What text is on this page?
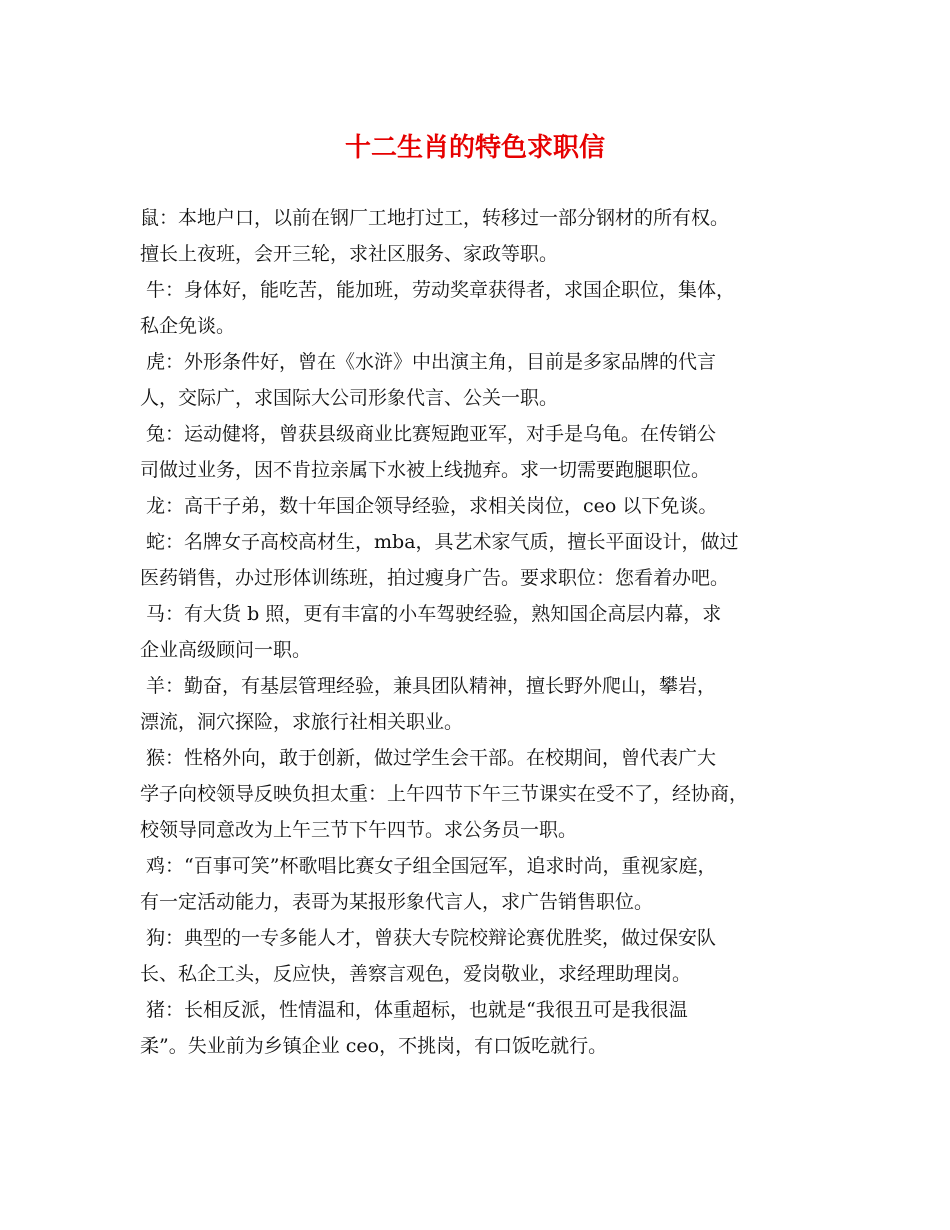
十二生肖的特色求职信

鼠：本地户口，以前在钢厂工地打过工，转移过一部分钢材的所有权。
擅长上夜班，会开三轮，求社区服务、家政等职。

牛：身体好，能吃苦，能加班，劳动奖章获得者，求国企职位，集体，
私企免谈。

虎：外形条件好，曾在《水浒》中出演主角，目前是多家品牌的代言
人，交际广，求国际大公司形象代言、公关一职。

兔：运动健将，曾获县级商业比赛短跑亚军，对手是乌龟。在传销公
司做过业务，因不肯拉亲属下水被上线抛弃。求一切需要跑腿职位。

龙：高干子弟，数十年国企领导经验，求相关岗位，ceo 以下免谈。

蛇：名牌女子高校高材生，mba，具艺术家气质，擅长平面设计，做过
医药销售，办过形体训练班，拍过瘦身广告。要求职位：您看着办吧。

马：有大货 b 照，更有丰富的小车驾驶经验，熟知国企高层内幕，求
企业高级顾问一职。

羊：勤奋，有基层管理经验，兼具团队精神，擅长野外爬山，攀岩，
漂流，洞穴探险，求旅行社相关职业。

猴：性格外向，敢于创新，做过学生会干部。在校期间，曾代表广大
学子向校领导反映负担太重：上午四节下午三节课实在受不了，经协商，
校领导同意改为上午三节下午四节。求公务员一职。

鸡：“百事可笑”杯歌唱比赛女子组全国冠军，追求时尚，重视家庭，
有一定活动能力，表哥为某报形象代言人，求广告销售职位。

狗：典型的一专多能人才，曾获大专院校辩论赛优胜奖，做过保安队
长、私企工头，反应快，善察言观色，爱岗敬业，求经理助理岗。

猪：长相反派，性情温和，体重超标，也就是“我很丑可是我很温
柔”。失业前为乡镇企业 ceo，不挑岗，有口饭吃就行。
